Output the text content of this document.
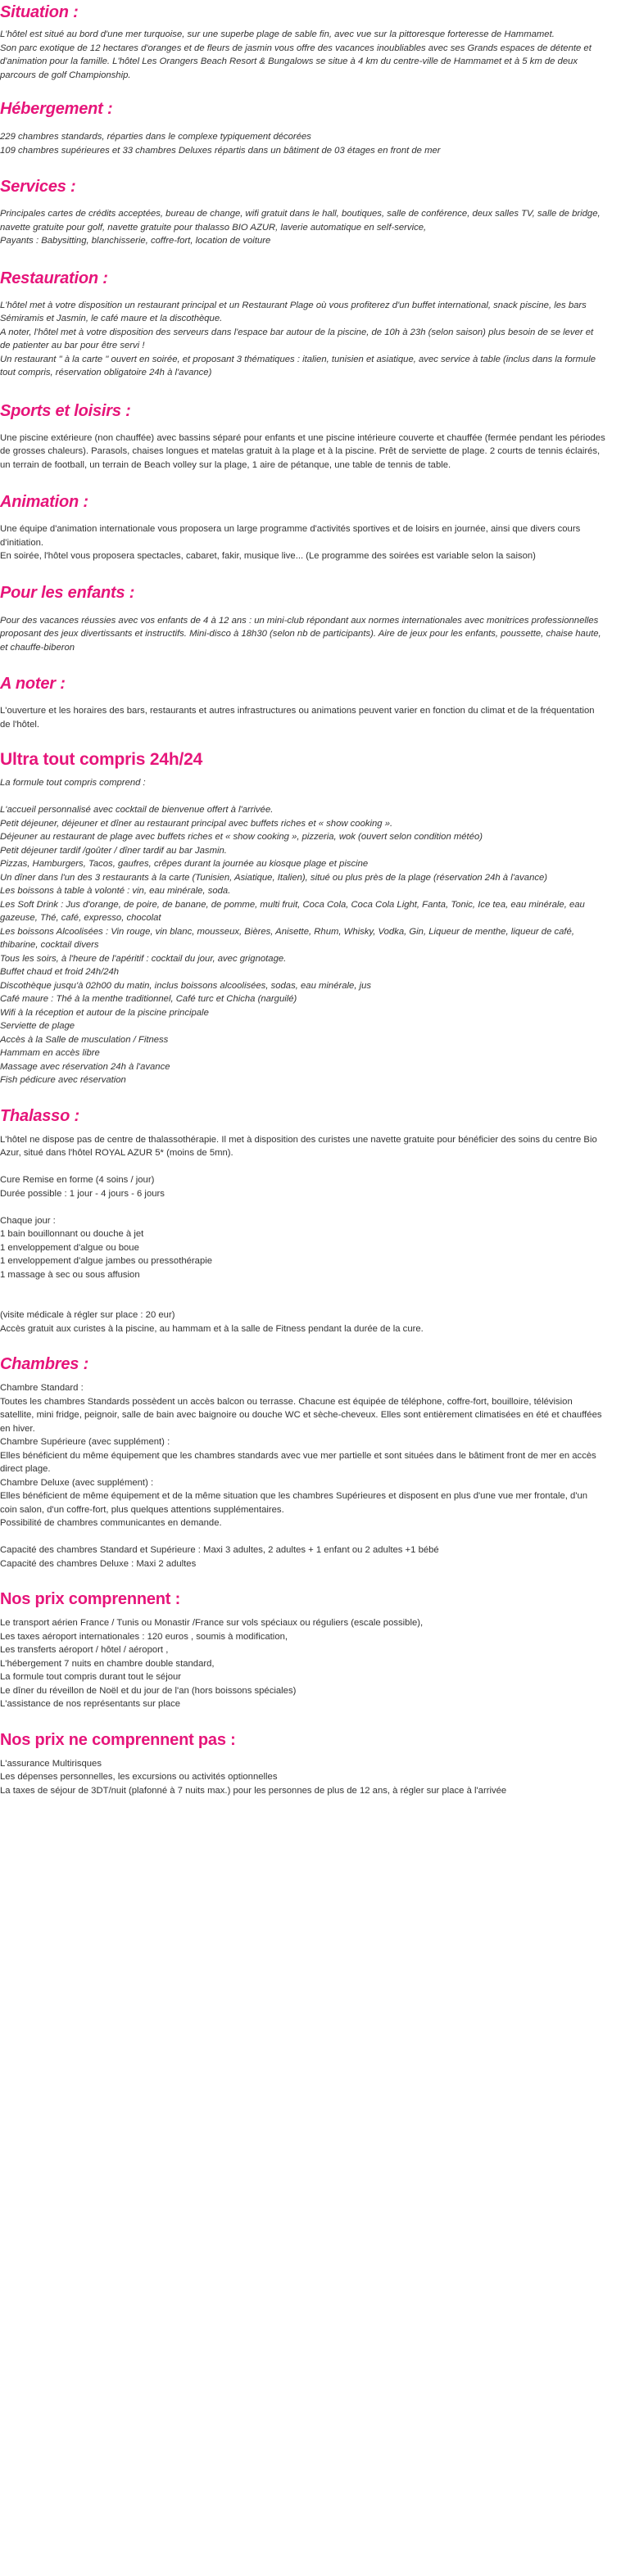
Situation :
L'hôtel est situé au bord d'une mer turquoise, sur une superbe plage de sable fin, avec vue sur la pittoresque forteresse de Hammamet.
Son parc exotique de 12 hectares d'oranges et de fleurs de jasmin vous offre des vacances inoubliables avec ses Grands espaces de détente et d'animation pour la famille. L'hôtel Les Orangers Beach Resort & Bungalows se situe à 4 km du centre-ville de Hammamet et à 5 km de deux parcours de golf Championship.
Hébergement :
229 chambres standards, réparties dans le complexe typiquement décorées
109 chambres supérieures et 33 chambres Deluxes répartis dans un bâtiment de 03 étages en front de mer
Services :
Principales cartes de crédits acceptées, bureau de change, wifi gratuit dans le hall, boutiques, salle de conférence, deux salles TV, salle de bridge, navette gratuite pour golf, navette gratuite pour thalasso BIO AZUR, laverie automatique en self-service,
Payants : Babysitting, blanchisserie, coffre-fort, location de voiture
Restauration :
L'hôtel met à votre disposition un restaurant principal et un Restaurant Plage où vous profiterez d'un buffet international, snack piscine, les bars Sémiramis et Jasmin, le café maure et la discothèque.
A noter, l'hôtel met à votre disposition des serveurs dans l'espace bar autour de la piscine, de 10h à 23h (selon saison) plus besoin de se lever et de patienter au bar pour être servi !
Un restaurant " à la carte " ouvert en soirée, et proposant 3 thématiques : italien, tunisien et asiatique, avec service à table (inclus dans la formule tout compris, réservation obligatoire 24h à l'avance)
Sports et loisirs :
Une piscine extérieure (non chauffée) avec bassins séparé pour enfants et une piscine intérieure couverte et chauffée (fermée pendant les périodes de grosses chaleurs). Parasols, chaises longues et matelas gratuit à la plage et à la piscine. Prêt de serviette de plage. 2 courts de tennis éclairés, un terrain de football, un terrain de Beach volley sur la plage, 1 aire de pétanque, une table de tennis de table.
Animation :
Une équipe d'animation internationale vous proposera un large programme d'activités sportives et de loisirs en journée, ainsi que divers cours d'initiation.
En soirée, l'hôtel vous proposera spectacles, cabaret, fakir, musique live... (Le programme des soirées est variable selon la saison)
Pour les enfants :
Pour des vacances réussies avec vos enfants de 4 à 12 ans : un mini-club répondant aux normes internationales avec monitrices professionnelles proposant des jeux divertissants et instructifs. Mini-disco à 18h30 (selon nb de participants). Aire de jeux pour les enfants, poussette, chaise haute, et chauffe-biberon
A noter :
L'ouverture et les horaires des bars, restaurants et autres infrastructures ou animations peuvent varier en fonction du climat et de la fréquentation de l'hôtel.
Ultra tout compris 24h/24
La formule tout compris comprend :
L'accueil personnalisé avec cocktail de bienvenue offert à l'arrivée.
Petit déjeuner, déjeuner et dîner au restaurant principal avec buffets riches et « show cooking ».
Déjeuner au restaurant de plage avec buffets riches et « show cooking », pizzeria, wok (ouvert selon condition météo)
Petit déjeuner tardif /goûter / dîner tardif au bar Jasmin.
Pizzas, Hamburgers, Tacos, gaufres, crêpes durant la journée au kiosque plage et piscine
Un dîner dans l'un des 3 restaurants à la carte (Tunisien, Asiatique, Italien), situé ou plus près de la plage (réservation 24h à l'avance)
Les boissons à table à volonté : vin, eau minérale, soda.
Les Soft Drink : Jus d'orange, de poire, de banane, de pomme, multi fruit, Coca Cola, Coca Cola Light, Fanta, Tonic, Ice tea, eau minérale, eau gazeuse, Thé, café, expresso, chocolat
Les boissons Alcoolisées : Vin rouge, vin blanc, mousseux, Bières, Anisette, Rhum, Whisky, Vodka, Gin, Liqueur de menthe, liqueur de café, thibarine, cocktail divers
Tous les soirs, à l'heure de l'apéritif : cocktail du jour, avec grignotage.
Buffet chaud et froid 24h/24h
Discothèque jusqu'à 02h00 du matin, inclus boissons alcoolisées, sodas, eau minérale, jus
Café maure : Thé à la menthe traditionnel, Café turc et Chicha (narguilé)
Wifi à la réception et autour de la piscine principale
Serviette de plage
Accès à la Salle de musculation / Fitness
Hammam en accès libre
Massage avec réservation 24h à l'avance
Fish pédicure avec réservation
Thalasso :
L'hôtel ne dispose pas de centre de thalassothérapie. Il met à disposition des curistes une navette gratuite pour bénéficier des soins du centre Bio Azur, situé dans l'hôtel ROYAL AZUR 5* (moins de 5mn).
Cure Remise en forme (4 soins / jour)
Durée possible : 1 jour - 4 jours - 6 jours
Chaque jour :
1 bain bouillonnant ou douche à jet
1 enveloppement d'algue ou boue
1 enveloppement d'algue jambes ou pressothérapie
1 massage à sec ou sous affusion
(visite médicale à régler sur place : 20 eur)
Accès gratuit aux curistes à la piscine, au hammam et à la salle de Fitness pendant la durée de la cure.
Chambres :
Chambre Standard :
Toutes les chambres Standards possèdent un accès balcon ou terrasse. Chacune est équipée de téléphone, coffre-fort, bouilloire, télévision satellite, mini fridge, peignoir, salle de bain avec baignoire ou douche WC et sèche-cheveux. Elles sont entièrement climatisées en été et chauffées en hiver.
Chambre Supérieure (avec supplément) :
Elles bénéficient du même équipement que les chambres standards avec vue mer partielle et sont situées dans le bâtiment front de mer en accès direct plage.
Chambre Deluxe (avec supplément) :
Elles bénéficient de même équipement et de la même situation que les chambres Supérieures et disposent en plus d'une vue mer frontale, d'un coin salon, d'un coffre-fort, plus quelques attentions supplémentaires.
Possibilité de chambres communicantes en demande.
Capacité des chambres Standard et Supérieure : Maxi 3 adultes, 2 adultes + 1 enfant ou 2 adultes +1 bébé
Capacité des chambres Deluxe : Maxi 2 adultes
Nos prix comprennent :
Le transport aérien France / Tunis ou Monastir /France sur vols spéciaux ou réguliers (escale possible),
Les taxes aéroport internationales : 120 euros , soumis à modification,
Les transferts aéroport / hôtel / aéroport ,
L'hébergement 7 nuits en chambre double standard,
La formule tout compris durant tout le séjour
Le dîner du réveillon de Noël et du jour de l'an (hors boissons spéciales)
L'assistance de nos représentants sur place
Nos prix ne comprennent pas :
L'assurance Multirisques
Les dépenses personnelles, les excursions ou activités optionnelles
La taxes de séjour de 3DT/nuit (plafonné à 7 nuits max.) pour les personnes de plus de 12 ans, à régler sur place à l'arrivée
